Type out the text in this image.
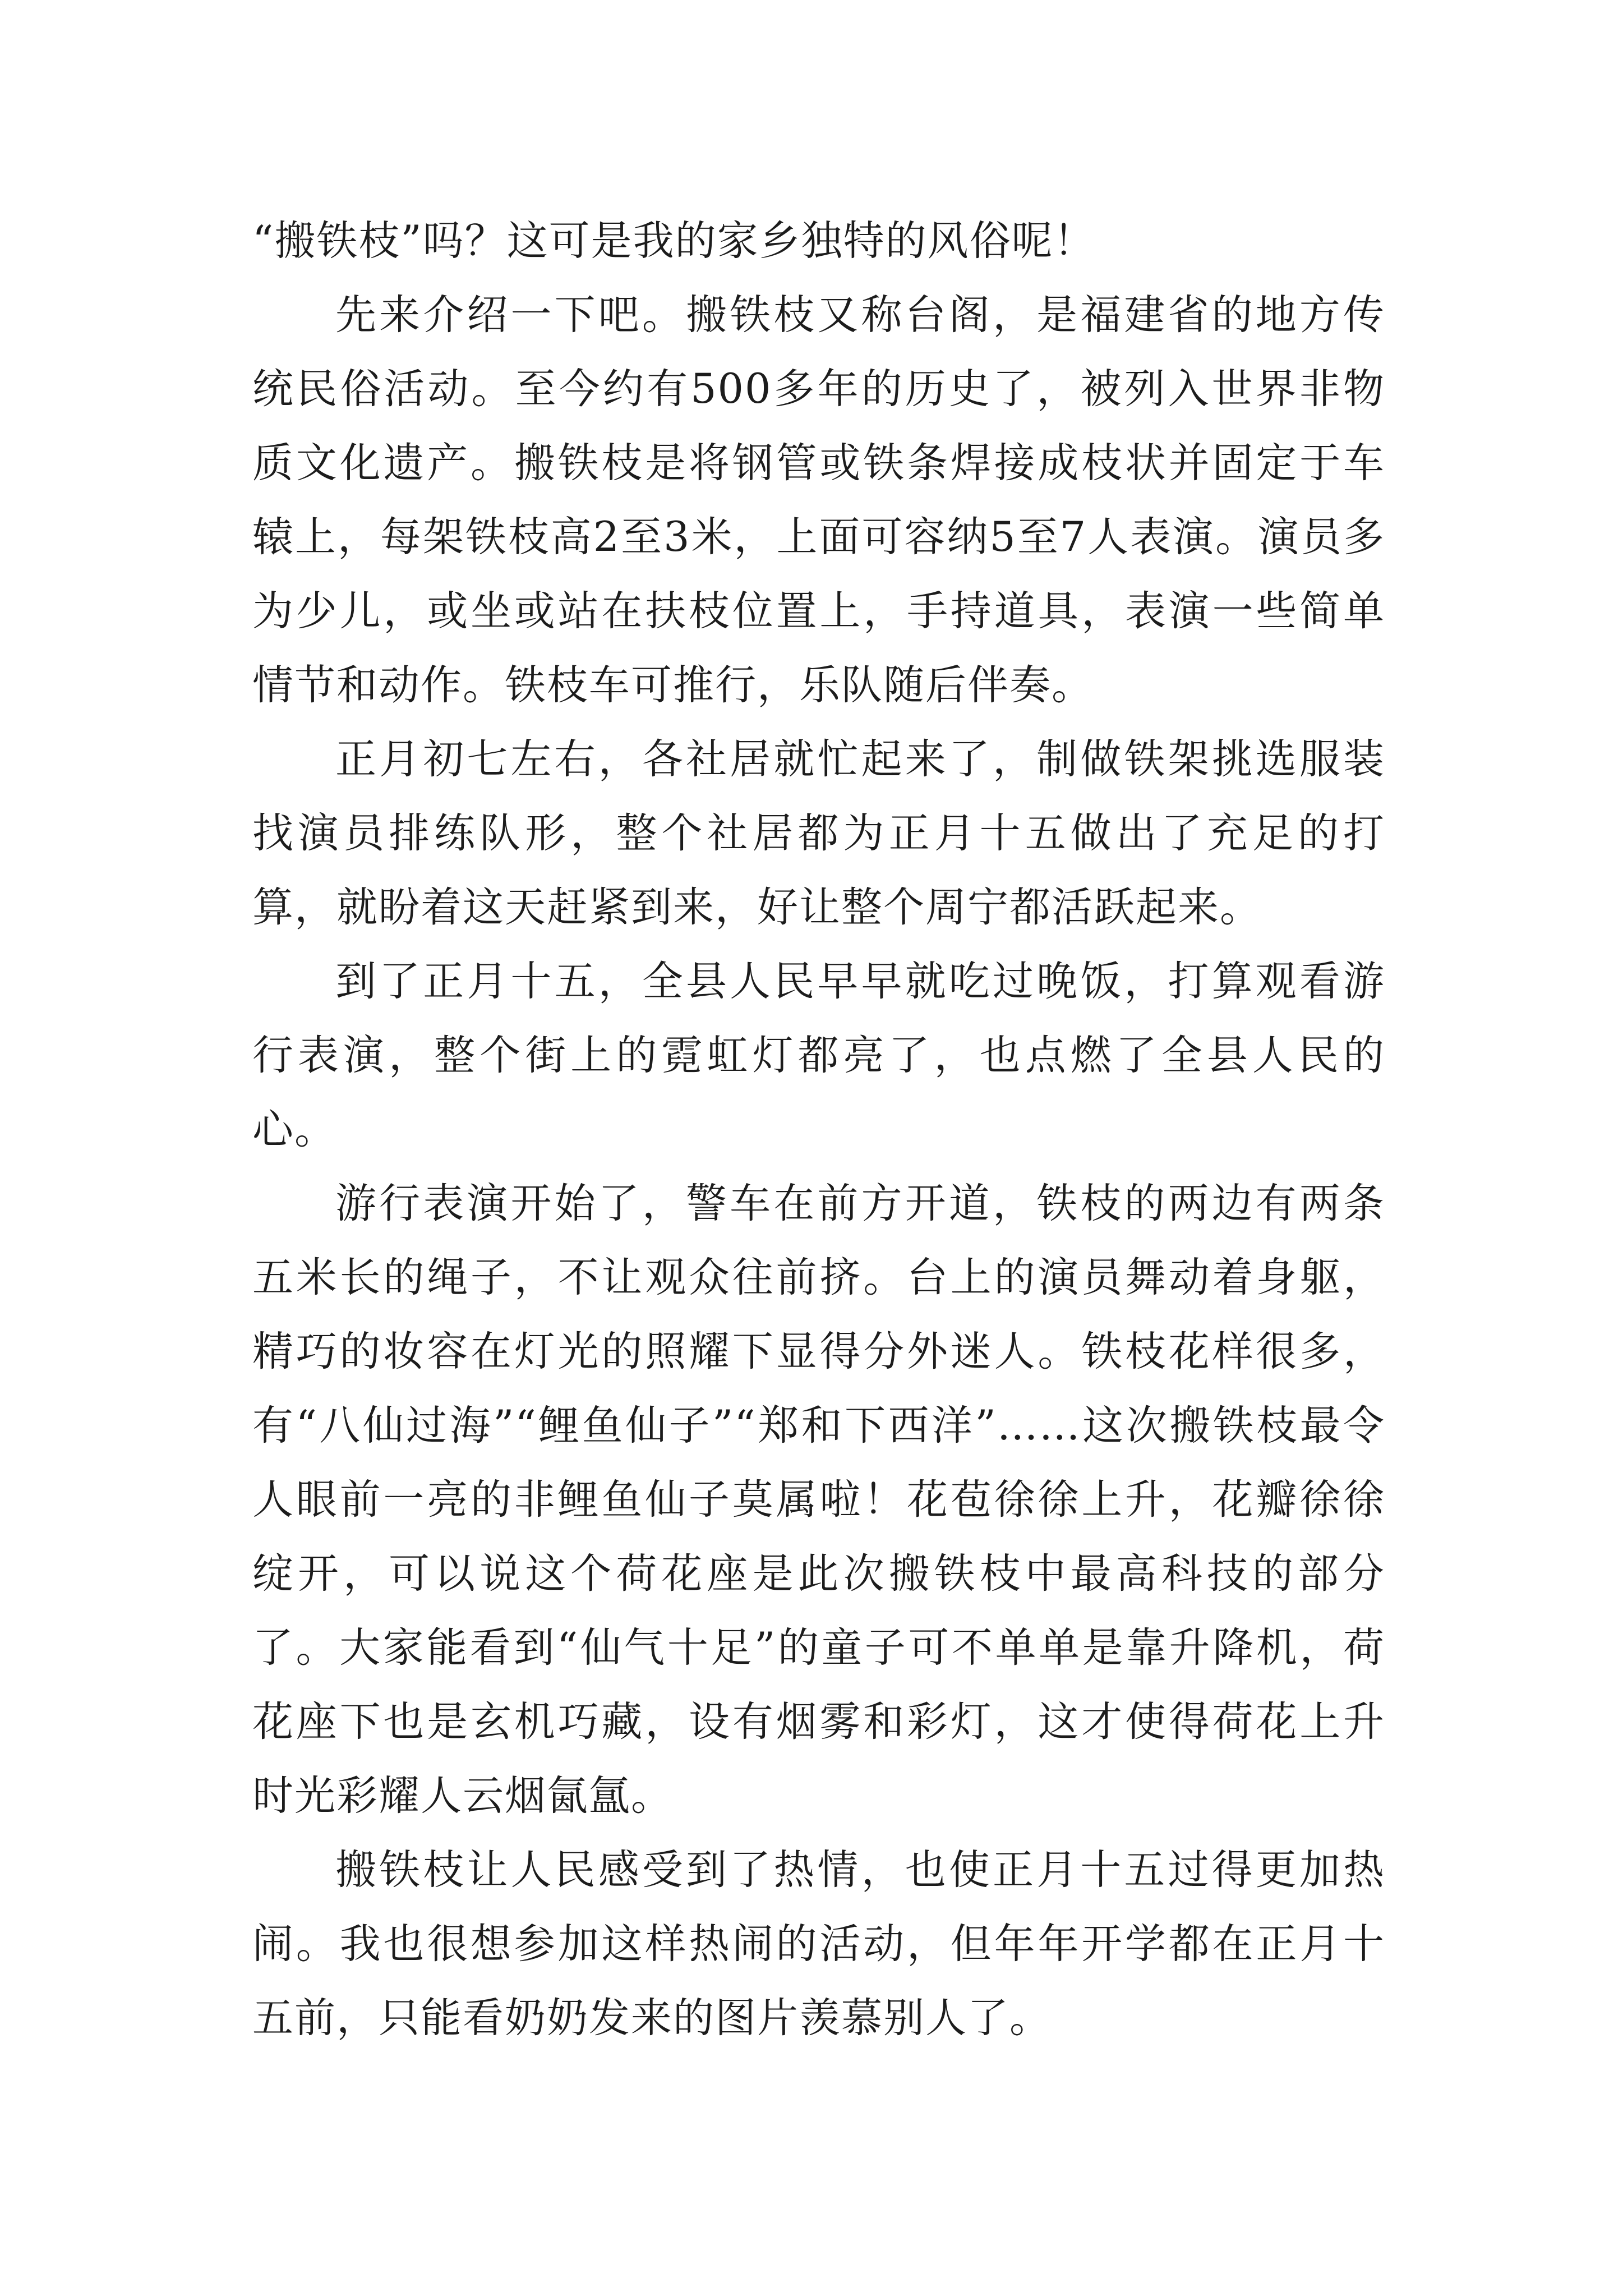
“搬铁枝”吗？这可是我的家乡独特的风俗呢！

先来介绍一下吧。搬铁枝又称台阁，是福建省的地方传统民俗活动。至今约有500多年的历史了，被列入世界非物质文化遗产。搬铁枝是将钢管或铁条焊接成枝状并固定于车辕上，每架铁枝高2至3米，上面可容纳5至7人表演。演员多为少儿，或坐或站在扶枝位置上，手持道具，表演一些简单情节和动作。铁枝车可推行，乐队随后伴奏。

正月初七左右，各社居就忙起来了，制做铁架挑选服装找演员排练队形，整个社居都为正月十五做出了充足的打算，就盼着这天赶紧到来，好让整个周宁都活跃起来。

到了正月十五，全县人民早早就吃过晚饭，打算观看游行表演，整个街上的霓虹灯都亮了，也点燃了全县人民的心。

游行表演开始了，警车在前方开道，铁枝的两边有两条五米长的绳子，不让观众往前挤。台上的演员舞动着身躯，精巧的妆容在灯光的照耀下显得分外迷人。铁枝花样很多，有“八仙过海”“鲤鱼仙子”“郑和下西洋”……这次搬铁枝最令人眼前一亮的非鲤鱼仙子莫属啦！花苞徐徐上升，花瓣徐徐绽开，可以说这个荷花座是此次搬铁枝中最高科技的部分了。大家能看到“仙气十足”的童子可不单单是靠升降机，荷花座下也是玄机巧藏，设有烟雾和彩灯，这才使得荷花上升时光彩耀人云烟氤氲。

搬铁枝让人民感受到了热情，也使正月十五过得更加热闹。我也很想参加这样热闹的活动，但年年开学都在正月十五前，只能看奶奶发来的图片羡慕别人了。
